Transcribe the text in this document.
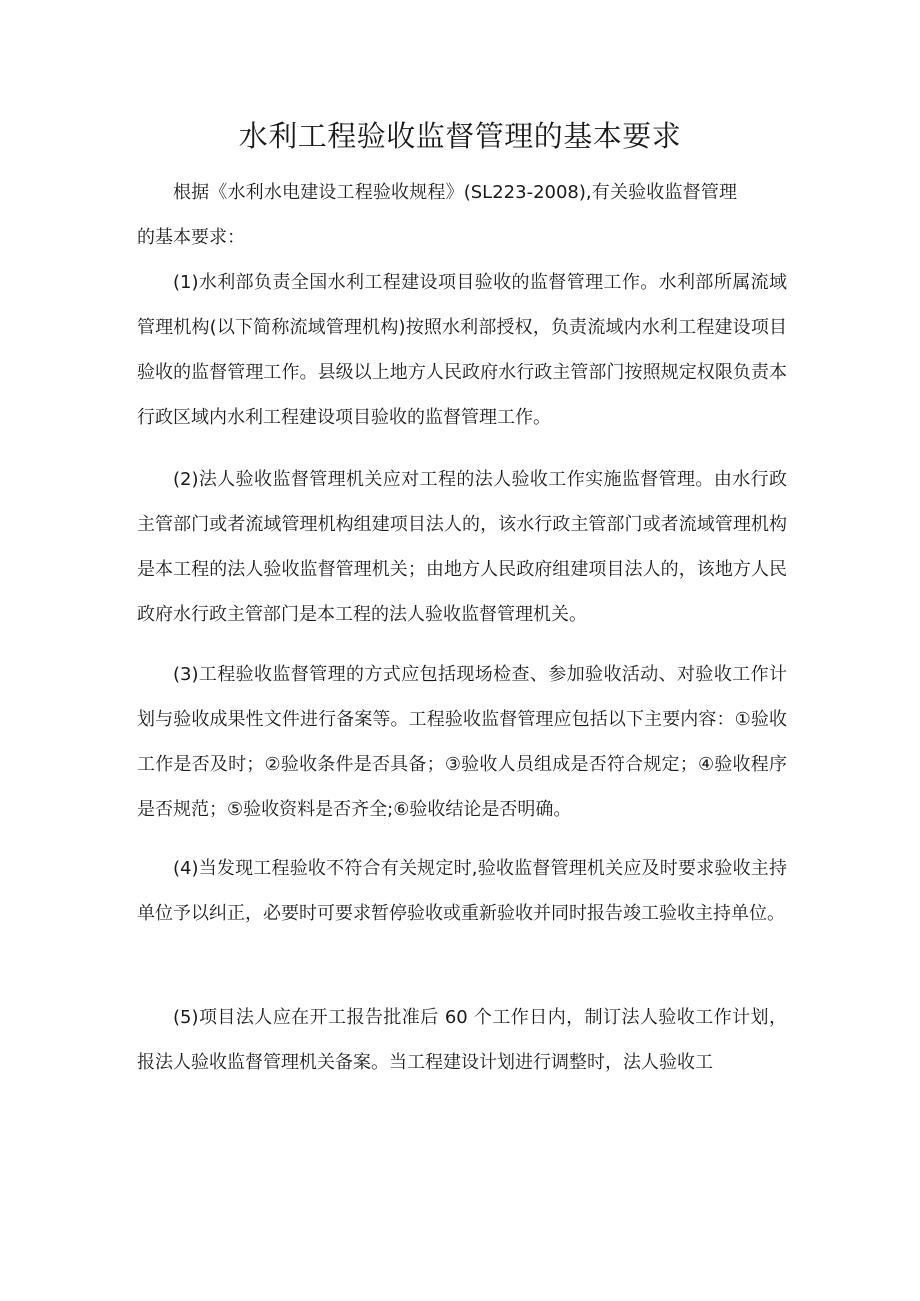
水利工程验收监督管理的基本要求

根据《水利水电建设工程验收规程》(SL223-2008),有关验收监督管理的基本要求：

(1)水利部负责全国水利工程建设项目验收的监督管理工作。水利部所属流域管理机构(以下简称流域管理机构)按照水利部授权，负责流域内水利工程建设项目验收的监督管理工作。县级以上地方人民政府水行政主管部门按照规定权限负责本行政区域内水利工程建设项目验收的监督管理工作。

(2)法人验收监督管理机关应对工程的法人验收工作实施监督管理。由水行政主管部门或者流域管理机构组建项目法人的，该水行政主管部门或者流域管理机构是本工程的法人验收监督管理机关；由地方人民政府组建项目法人的，该地方人民政府水行政主管部门是本工程的法人验收监督管理机关。

(3)工程验收监督管理的方式应包括现场检查、参加验收活动、对验收工作计划与验收成果性文件进行备案等。工程验收监督管理应包括以下主要内容：①验收工作是否及时；②验收条件是否具备；③验收人员组成是否符合规定；④验收程序是否规范；⑤验收资料是否齐全;⑥验收结论是否明确。

(4)当发现工程验收不符合有关规定时,验收监督管理机关应及时要求验收主持单位予以纠正，必要时可要求暂停验收或重新验收并同时报告竣工验收主持单位。

(5)项目法人应在开工报告批准后 60 个工作日内，制订法人验收工作计划，报法人验收监督管理机关备案。当工程建设计划进行调整时，法人验收工
